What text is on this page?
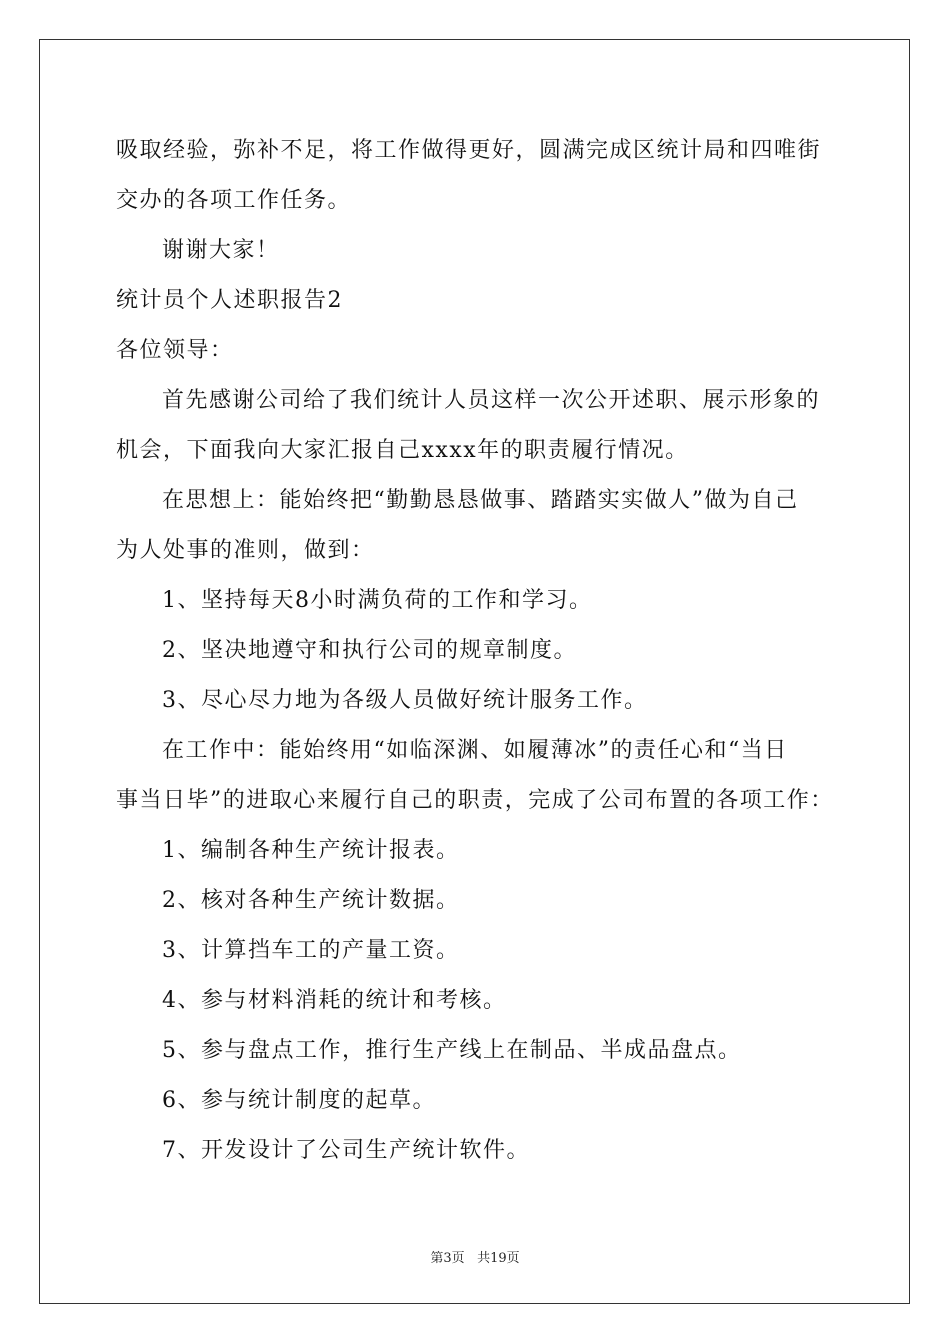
吸取经验，弥补不足，将工作做得更好，圆满完成区统计局和四唯街
交办的各项工作任务。
谢谢大家！
统计员个人述职报告2
各位领导：
首先感谢公司给了我们统计人员这样一次公开述职、展示形象的
机会，下面我向大家汇报自己xxxx年的职责履行情况。
在思想上：能始终把“勤勤恳恳做事、踏踏实实做人”做为自己
为人处事的准则，做到：
1、坚持每天8小时满负荷的工作和学习。
2、坚决地遵守和执行公司的规章制度。
3、尽心尽力地为各级人员做好统计服务工作。
在工作中：能始终用“如临深渊、如履薄冰”的责任心和“当日
事当日毕”的进取心来履行自己的职责，完成了公司布置的各项工作：
1、编制各种生产统计报表。
2、核对各种生产统计数据。
3、计算挡车工的产量工资。
4、参与材料消耗的统计和考核。
5、参与盘点工作，推行生产线上在制品、半成品盘点。
6、参与统计制度的起草。
7、开发设计了公司生产统计软件。
第3页 共19页
